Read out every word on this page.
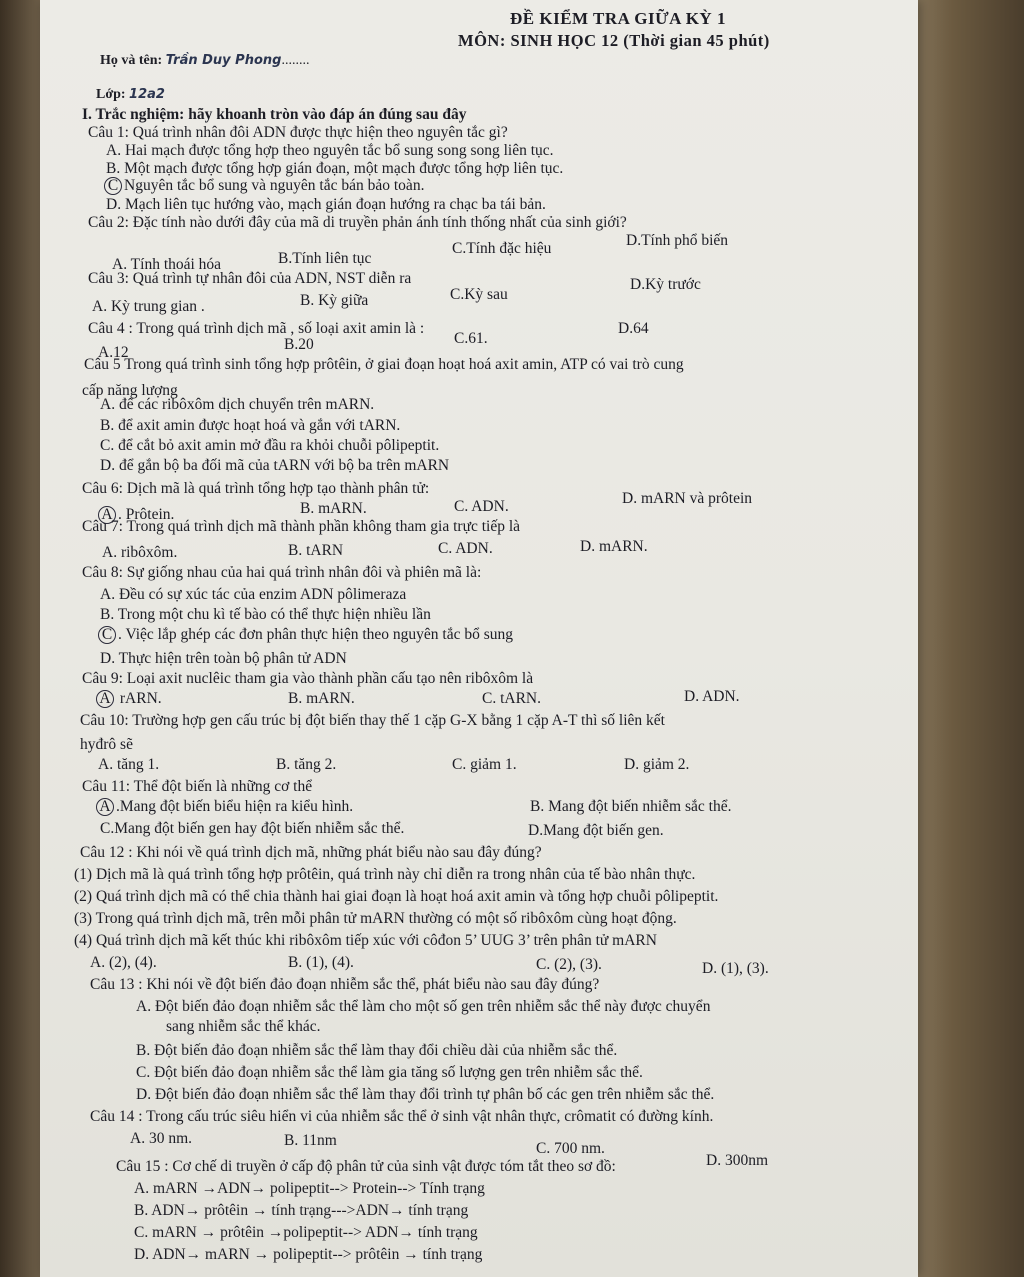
ĐỀ KIỂM TRA GIỮA KỲ 1
MÔN: SINH HỌC 12 (Thời gian 45 phút)
Họ và tên: Trần Duy Phong........
Lớp: 12a2
I. Trắc nghiệm: hãy khoanh tròn vào đáp án đúng sau đây
Câu 1: Quá trình nhân đôi ADN được thực hiện theo nguyên tắc gì?
A. Hai mạch được tổng hợp theo nguyên tắc bổ sung song song liên tục.
B. Một mạch được tổng hợp gián đoạn, một mạch được tổng hợp liên tục.
C Nguyên tắc bổ sung và nguyên tắc bán bảo toàn.
D. Mạch liên tục hướng vào, mạch gián đoạn hướng ra chạc ba tái bản.
Câu 2: Đặc tính nào dưới đây của mã di truyền phản ánh tính thống nhất của sinh giới?
A. Tính thoái hóa	B.Tính liên tục
C.Tính đặc hiệu	D.Tính phổ biến
Câu 3: Quá trình tự nhân đôi của ADN, NST diễn ra
A. Kỳ trung gian .	B. Kỳ giữa	C.Kỳ sau
D.Kỳ trước
Câu 4 : Trong quá trình dịch mã , số loại axit amin là :
A.12	B.20	C.61.
D.64
Câu 5 Trong quá trình sinh tổng hợp prôtêin, ở giai đoạn hoạt hoá axit amin, ATP có vai trò cung
cấp năng lượng
A. để các ribôxôm dịch chuyển trên mARN.
B. để axit amin được hoạt hoá và gắn với tARN.
C. để cắt bỏ axit amin mở đầu ra khỏi chuỗi pôlipeptit.
D. để gắn bộ ba đối mã của tARN với bộ ba trên mARN
Câu 6: Dịch mã là quá trình tổng hợp tạo thành phân tử:
A . Prôtein.	B. mARN.	C. ADN.	D. mARN và prôtein
Câu 7: Trong quá trình dịch mã thành phần không tham gia trực tiếp là
A. ribôxôm.	B. tARN	C. ADN.	D. mARN.
Câu 8: Sự giống nhau của hai quá trình nhân đôi và phiên mã là:
A. Đều có sự xúc tác của enzim ADN pôlimeraza
B. Trong một chu kì tế bào có thể thực hiện nhiều lần
C . Việc lắp ghép các đơn phân thực hiện theo nguyên tắc bổ sung
D. Thực hiện trên toàn bộ phân tử ADN
Câu 9: Loại axit nuclêic tham gia vào thành phần cấu tạo nên ribôxôm là
A rARN.	B. mARN.	C. tARN.	D. ADN.
Câu 10: Trường hợp gen cấu trúc bị đột biến thay thế 1 cặp G-X bằng 1 cặp A-T thì số liên kết
hyđrô sẽ
A. tăng 1.	B. tăng 2.	C. giảm 1.	D. giảm 2.
Câu 11: Thể đột biến là những cơ thể
A .Mang đột biến biểu hiện ra kiểu hình.	B. Mang đột biến nhiễm sắc thể.
C.Mang đột biến gen hay đột biến nhiễm sắc thể.	D.Mang đột biến gen.
Câu 12 : Khi nói về quá trình dịch mã, những phát biểu nào sau đây đúng?
(1) Dịch mã là quá trình tổng hợp prôtêin, quá trình này chỉ diễn ra trong nhân của tế bào nhân thực.
(2) Quá trình dịch mã có thể chia thành hai giai đoạn là hoạt hoá axit amin và tổng hợp chuỗi pôlipeptit.
(3) Trong quá trình dịch mã, trên mỗi phân tử mARN thường có một số ribôxôm cùng hoạt động.
(4) Quá trình dịch mã kết thúc khi ribôxôm tiếp xúc với côđon 5’ UUG 3’ trên phân tử mARN
A. (2), (4).	B. (1), (4).	C. (2), (3).	D. (1), (3).
Câu 13 : Khi nói về đột biến đảo đoạn nhiễm sắc thể, phát biểu nào sau đây đúng?
A. Đột biến đảo đoạn nhiễm sắc thể làm cho một số gen trên nhiễm sắc thể này được chuyển
sang nhiễm sắc thể khác.
B. Đột biến đảo đoạn nhiễm sắc thể làm thay đổi chiều dài của nhiễm sắc thể.
C. Đột biến đảo đoạn nhiễm sắc thể làm gia tăng số lượng gen trên nhiễm sắc thể.
D. Đột biến đảo đoạn nhiễm sắc thể làm thay đổi trình tự phân bố các gen trên nhiễm sắc thể.
Câu 14 : Trong cấu trúc siêu hiển vi của nhiễm sắc thể ở sinh vật nhân thực, crômatit có đường kính.
A. 30 nm.	B. 11nm	C. 700 nm.
D. 300nm
Câu 15 : Cơ chế di truyền ở cấp độ phân tử của sinh vật được tóm tắt theo sơ đồ:
A. mARN →ADN→ polipeptit--> Protein--> Tính trạng
B. ADN→ prôtêin → tính trạng--->ADN→ tính trạng
C. mARN → prôtêin →polipeptit--> ADN→ tính trạng
D. ADN→ mARN → polipeptit--> prôtêin → tính trạng
